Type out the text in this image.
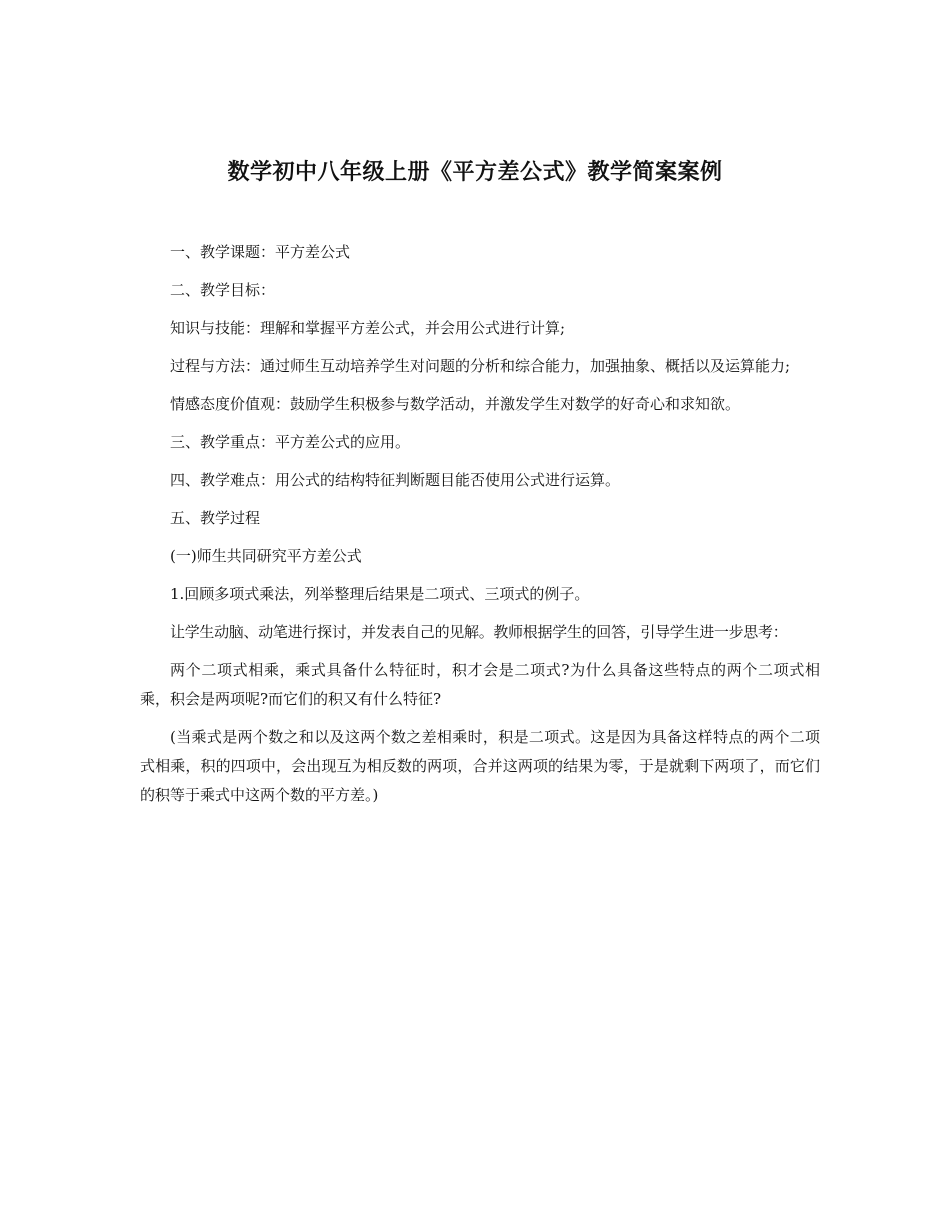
数学初中八年级上册《平方差公式》教学简案案例

一、教学课题：平方差公式

二、教学目标：

知识与技能：理解和掌握平方差公式，并会用公式进行计算;

过程与方法：通过师生互动培养学生对问题的分析和综合能力，加强抽象、概括以及运算能力;

情感态度价值观：鼓励学生积极参与数学活动，并激发学生对数学的好奇心和求知欲。

三、教学重点：平方差公式的应用。

四、教学难点：用公式的结构特征判断题目能否使用公式进行运算。

五、教学过程

(一)师生共同研究平方差公式

1.回顾多项式乘法，列举整理后结果是二项式、三项式的例子。

让学生动脑、动笔进行探讨，并发表自己的见解。教师根据学生的回答，引导学生进一步思考：

两个二项式相乘，乘式具备什么特征时，积才会是二项式?为什么具备这些特点的两个二项式相乘，积会是两项呢?而它们的积又有什么特征?

(当乘式是两个数之和以及这两个数之差相乘时，积是二项式。这是因为具备这样特点的两个二项式相乘，积的四项中，会出现互为相反数的两项，合并这两项的结果为零，于是就剩下两项了，而它们的积等于乘式中这两个数的平方差。)
